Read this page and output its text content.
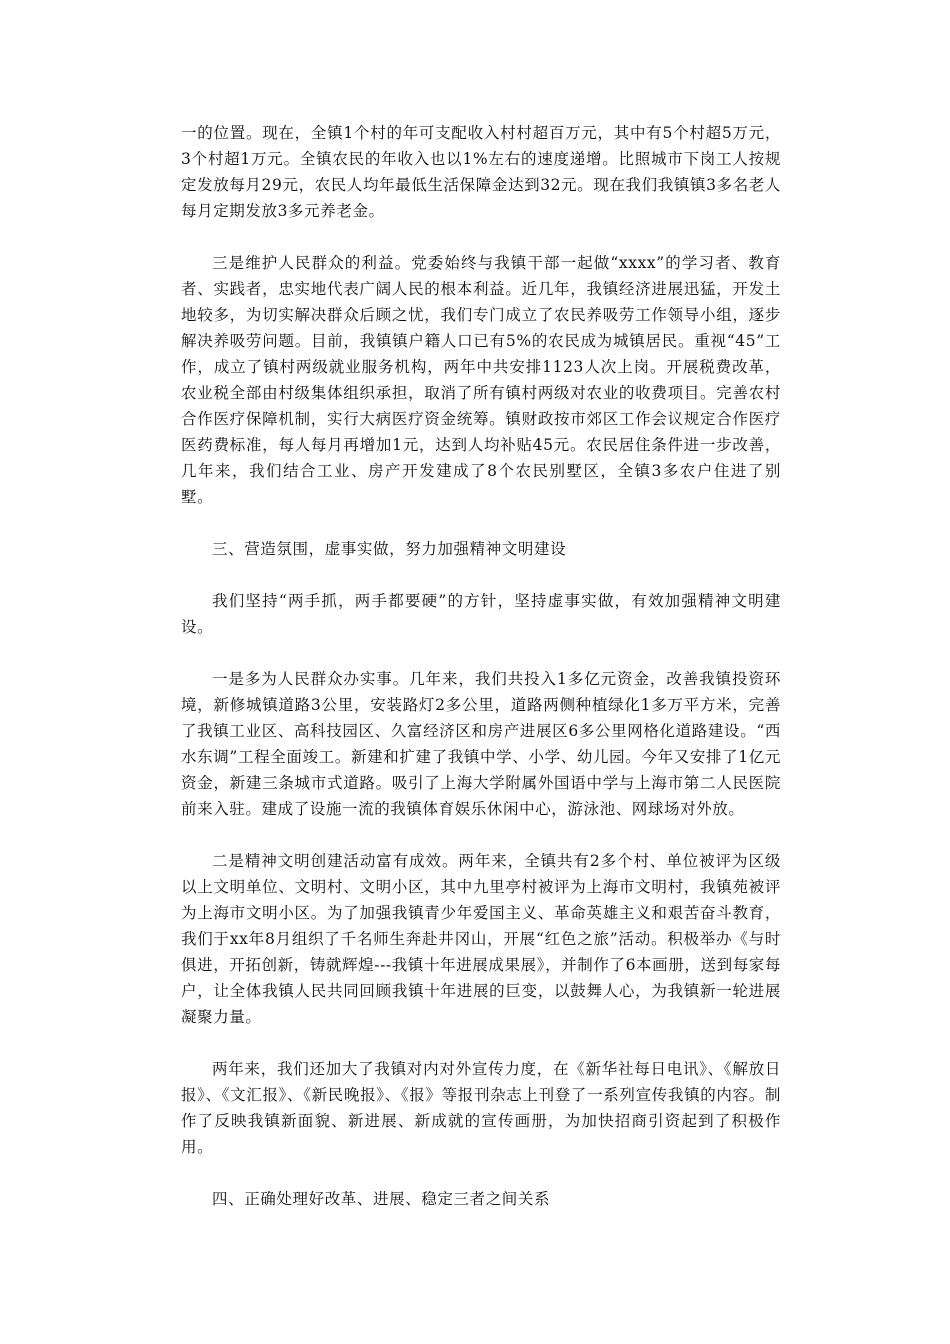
一的位置。现在，全镇1个村的年可支配收入村村超百万元，其中有5个村超5万元，3个村超1万元。全镇农民的年收入也以1%左右的速度递增。比照城市下岗工人按规定发放每月29元，农民人均年最低生活保障金达到32元。现在我们我镇镇3多名老人每月定期发放3多元养老金。

三是维护人民群众的利益。党委始终与我镇干部一起做“xxxx”的学习者、教育者、实践者，忠实地代表广阔人民的根本利益。近几年，我镇经济进展迅猛，开发土地较多，为切实解决群众后顾之忧，我们专门成立了农民养吸劳工作领导小组，逐步解决养吸劳问题。目前，我镇镇户籍人口已有5%的农民成为城镇居民。重视“45”工作，成立了镇村两级就业服务机构，两年中共安排1123人次上岗。开展税费改革，农业税全部由村级集体组织承担，取消了所有镇村两级对农业的收费项目。完善农村合作医疗保障机制，实行大病医疗资金统筹。镇财政按市郊区工作会议规定合作医疗医药费标准，每人每月再增加1元，达到人均补贴45元。农民居住条件进一步改善，几年来，我们结合工业、房产开发建成了8个农民别墅区，全镇3多农户住进了别墅。

三、营造氛围，虚事实做，努力加强精神文明建设

我们坚持“两手抓，两手都要硬”的方针，坚持虚事实做，有效加强精神文明建设。

一是多为人民群众办实事。几年来，我们共投入1多亿元资金，改善我镇投资环境，新修城镇道路3公里，安装路灯2多公里，道路两侧种植绿化1多万平方米，完善了我镇工业区、高科技园区、久富经济区和房产进展区6多公里网格化道路建设。“西水东调”工程全面竣工。新建和扩建了我镇中学、小学、幼儿园。今年又安排了1亿元资金，新建三条城市式道路。吸引了上海大学附属外国语中学与上海市第二人民医院前来入驻。建成了设施一流的我镇体育娱乐休闲中心，游泳池、网球场对外放。

二是精神文明创建活动富有成效。两年来，全镇共有2多个村、单位被评为区级以上文明单位、文明村、文明小区，其中九里亭村被评为上海市文明村，我镇苑被评为上海市文明小区。为了加强我镇青少年爱国主义、革命英雄主义和艰苦奋斗教育，我们于xx年8月组织了千名师生奔赴井冈山，开展“红色之旅”活动。积极举办《与时俱进，开拓创新，铸就辉煌---我镇十年进展成果展》，并制作了6本画册，送到每家每户，让全体我镇人民共同回顾我镇十年进展的巨变，以鼓舞人心，为我镇新一轮进展凝聚力量。

两年来，我们还加大了我镇对内对外宣传力度，在《新华社每日电讯》、《解放日报》、《文汇报》、《新民晚报》、《报》等报刊杂志上刊登了一系列宣传我镇的内容。制作了反映我镇新面貌、新进展、新成就的宣传画册，为加快招商引资起到了积极作用。

四、正确处理好改革、进展、稳定三者之间关系
